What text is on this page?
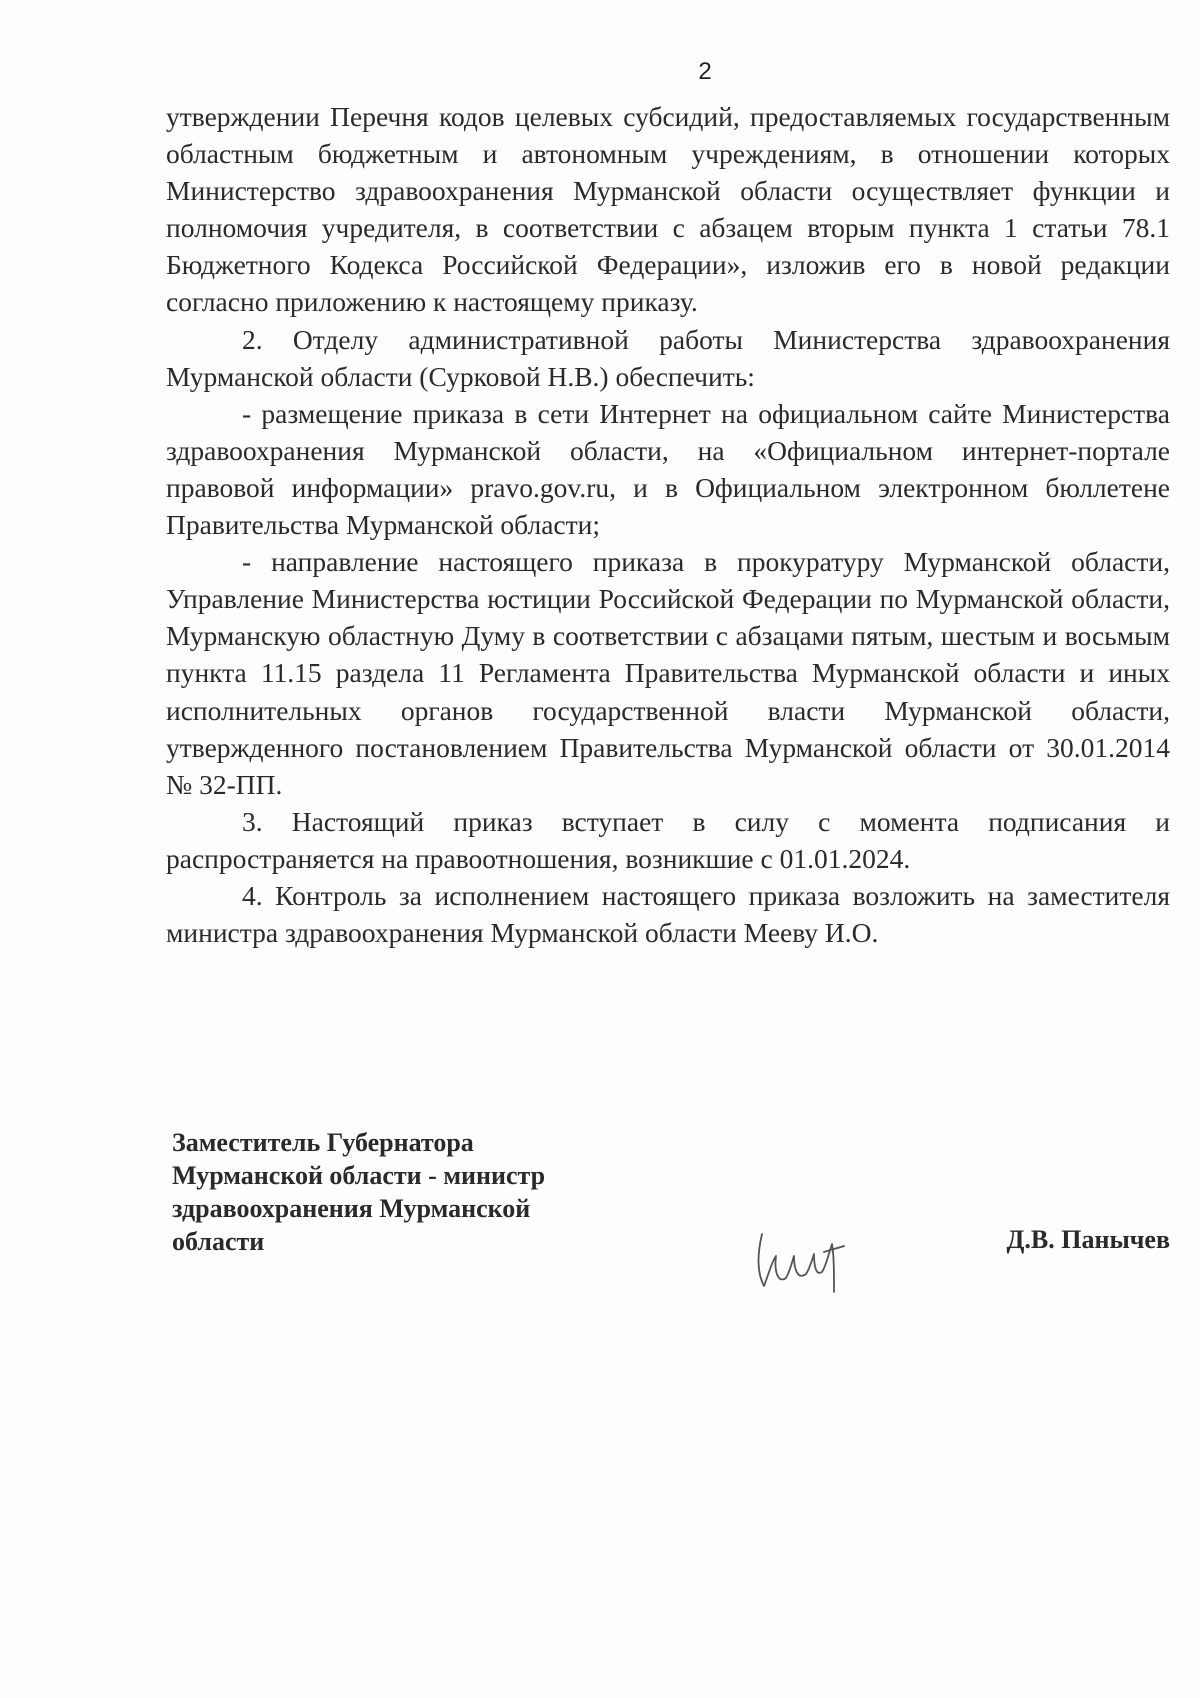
2

утверждении Перечня кодов целевых субсидий, предоставляемых государственным областным бюджетным и автономным учреждениям, в отношении которых Министерство здравоохранения Мурманской области осуществляет функции и полномочия учредителя, в соответствии с абзацем вторым пункта 1 статьи 78.1 Бюджетного Кодекса Российской Федерации», изложив его в новой редакции согласно приложению к настоящему приказу.

2. Отделу административной работы Министерства здравоохранения Мурманской области (Сурковой Н.В.) обеспечить:

- размещение приказа в сети Интернет на официальном сайте Министерства здравоохранения Мурманской области, на «Официальном интернет-портале правовой информации» pravo.gov.ru, и в Официальном электронном бюллетене Правительства Мурманской области;

- направление настоящего приказа в прокуратуру Мурманской области, Управление Министерства юстиции Российской Федерации по Мурманской области, Мурманскую областную Думу в соответствии с абзацами пятым, шестым и восьмым пункта 11.15 раздела 11 Регламента Правительства Мурманской области и иных исполнительных органов государственной власти Мурманской области, утвержденного постановлением Правительства Мурманской области от 30.01.2014 № 32-ПП.

3. Настоящий приказ вступает в силу с момента подписания и распространяется на правоотношения, возникшие с 01.01.2024.

4. Контроль за исполнением настоящего приказа возложить на заместителя министра здравоохранения Мурманской области Мееву И.О.

Заместитель Губернатора
Мурманской области - министр
здравоохранения Мурманской
области	Д.В. Панычев
